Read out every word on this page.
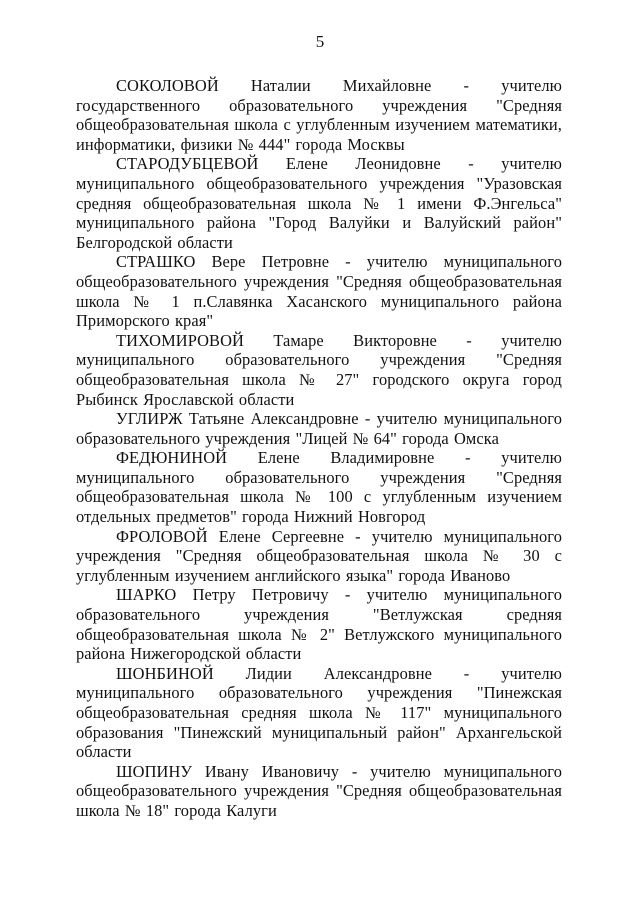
5

СОКОЛОВОЙ Наталии Михайловне - учителю государственного образовательного учреждения "Средняя общеобразовательная школа с углубленным изучением математики, информатики, физики № 444" города Москвы

СТАРОДУБЦЕВОЙ Елене Леонидовне - учителю муниципального общеобразовательного учреждения "Уразовская средняя общеобразовательная школа № 1 имени Ф.Энгельса" муниципального района "Город Валуйки и Валуйский район" Белгородской области

СТРАШКО Вере Петровне - учителю муниципального общеобразовательного учреждения "Средняя общеобразовательная школа № 1 п.Славянка Хасанского муниципального района Приморского края"

ТИХОМИРОВОЙ Тамаре Викторовне - учителю муниципального образовательного учреждения "Средняя общеобразовательная школа № 27" городского округа город Рыбинск Ярославской области

УГЛИРЖ Татьяне Александровне - учителю муниципального образовательного учреждения "Лицей № 64" города Омска

ФЕДЮНИНОЙ Елене Владимировне - учителю муниципального образовательного учреждения "Средняя общеобразовательная школа № 100 с углубленным изучением отдельных предметов" города Нижний Новгород

ФРОЛОВОЙ Елене Сергеевне - учителю муниципального учреждения "Средняя общеобразовательная школа № 30 с углубленным изучением английского языка" города Иваново

ШАРКО Петру Петровичу - учителю муниципального образовательного учреждения "Ветлужская средняя общеобразовательная школа № 2" Ветлужского муниципального района Нижегородской области

ШОНБИНОЙ Лидии Александровне - учителю муниципального образовательного учреждения "Пинежская общеобразовательная средняя школа № 117" муниципального образования "Пинежский муниципальный район" Архангельской области

ШОПИНУ Ивану Ивановичу - учителю муниципального общеобразовательного учреждения "Средняя общеобразовательная школа № 18" города Калуги
